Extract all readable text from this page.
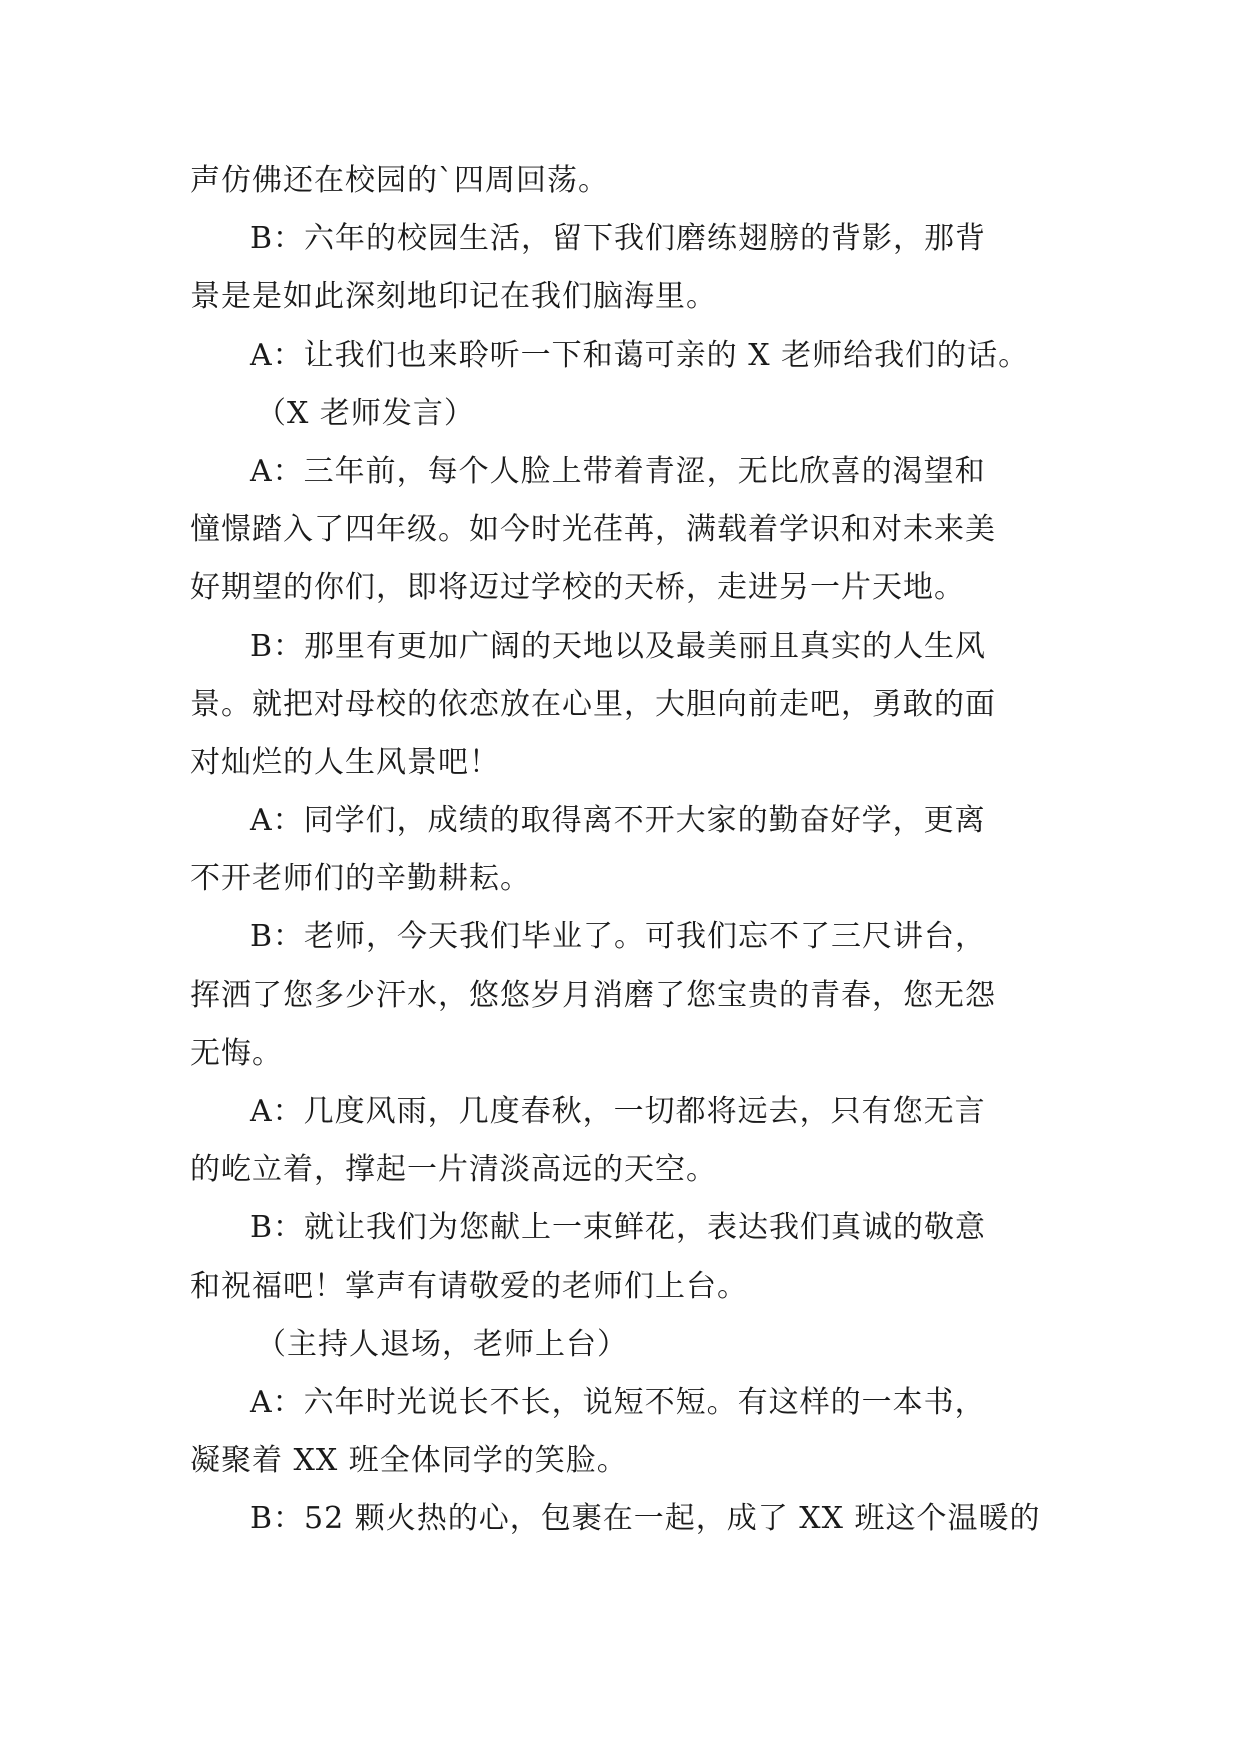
声仿佛还在校园的`四周回荡。
B：六年的校园生活，留下我们磨练翅膀的背影，那背
景是是如此深刻地印记在我们脑海里。
A：让我们也来聆听一下和蔼可亲的 X 老师给我们的话。
（X 老师发言）
A：三年前，每个人脸上带着青涩，无比欣喜的渴望和
憧憬踏入了四年级。如今时光荏苒，满载着学识和对未来美
好期望的你们，即将迈过学校的天桥，走进另一片天地。
B：那里有更加广阔的天地以及最美丽且真实的人生风
景。就把对母校的依恋放在心里，大胆向前走吧，勇敢的面
对灿烂的人生风景吧！
A：同学们，成绩的取得离不开大家的勤奋好学，更离
不开老师们的辛勤耕耘。
B：老师，今天我们毕业了。可我们忘不了三尺讲台，
挥洒了您多少汗水，悠悠岁月消磨了您宝贵的青春，您无怨
无悔。
A：几度风雨，几度春秋，一切都将远去，只有您无言
的屹立着，撑起一片清淡高远的天空。
B：就让我们为您献上一束鲜花，表达我们真诚的敬意
和祝福吧！掌声有请敬爱的老师们上台。
（主持人退场，老师上台）
A：六年时光说长不长，说短不短。有这样的一本书，
凝聚着 XX 班全体同学的笑脸。
B：52 颗火热的心，包裹在一起，成了 XX 班这个温暖的
